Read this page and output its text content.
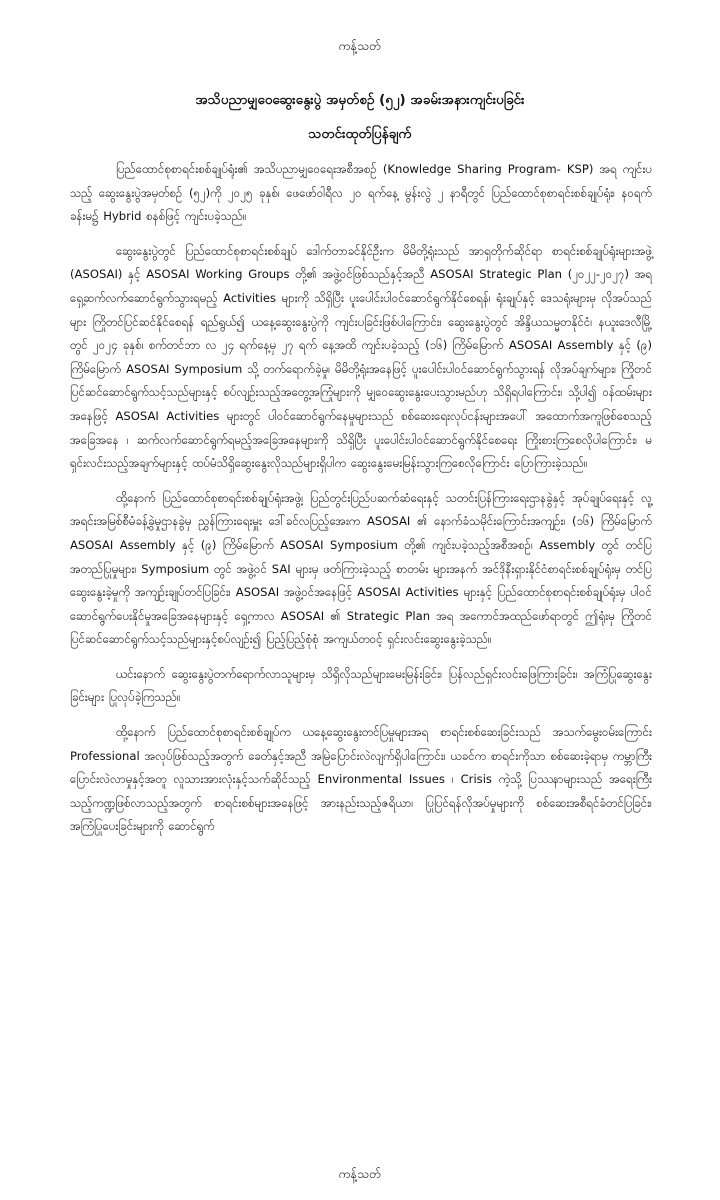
ကန့်သတ်
အသိပညာမျှဝေဆွေးနွေးပွဲ အမှတ်စဉ် (၅၂) အခမ်းအနားကျင်းပခြင်း
သတင်းထုတ်ပြန်ချက်

ပြည်ထောင်စုစာရင်းစစ်ချုပ်ရုံး၏ အသိပညာမျှဝေရေးအစီအစဉ် (Knowledge Sharing Program- KSP) အရ ကျင်းပသည့် ဆွေးနွေးပွဲအမှတ်စဉ် (၅၂)ကို ၂၀၂၅ ခုနှစ်၊ ဖေဖော်ဝါရီလ ၂၀ ရက်နေ့ မွန်းလွဲ ၂ နာရီတွင် ပြည်ထောင်စုစာရင်းစစ်ချုပ်ရုံး၊ နဝရက်ခန်းမ၌ Hybrid စနစ်ဖြင့် ကျင်းပခဲ့သည်။

ဆွေးနွေးပွဲတွင် ပြည်ထောင်စုစာရင်းစစ်ချုပ် ဒေါက်တာခင်နိုင်ဦးက မိမိတို့ရုံးသည် အာရှတိုက်ဆိုင်ရာ စာရင်းစစ်ချုပ်ရုံးများအဖွဲ့ (ASOSAI) နှင့် ASOSAI Working Groups တို့၏ အဖွဲ့ဝင်ဖြစ်သည်နှင့်အညီ ASOSAI Strategic Plan (၂၀၂၂-၂၀၂၇) အရ ရှေ့ဆက်လက်ဆောင်ရွက်သွားရမည့် Activities များကို သိရှိပြီး ပူးပေါင်းပါဝင်ဆောင်ရွက်နိုင်စေရန်၊ ရုံးချုပ်နှင့် ဒေသရုံးများမှ လိုအပ်သည်များ ကြိုတင်ပြင်ဆင်နိုင်စေရန် ရည်ရွယ်၍ ယနေ့ဆွေးနွေးပွဲကို ကျင်းပခြင်းဖြစ်ပါကြောင်း၊ ဆွေးနွေးပွဲတွင် အိန္ဒိယသမ္မတနိုင်ငံ၊ နယူးဒေလီမြို့တွင် ၂၀၂၄ ခုနှစ်၊ စက်တင်ဘာ လ ၂၄ ရက်နေ့မှ ၂၇ ရက် နေ့အထိ ကျင်းပခဲ့သည့် (၁၆) ကြိမ်မြောက် ASOSAI Assembly နှင့် (၉) ကြိမ်မြောက် ASOSAI Symposium သို့ တက်ရောက်ခဲ့မှု၊ မိမိတို့ရုံးအနေဖြင့် ပူးပေါင်းပါဝင်ဆောင်ရွက်သွားရန် လိုအပ်ချက်များ၊ ကြိုတင် ပြင်ဆင်ဆောင်ရွက်သင့်သည်များနှင့် စပ်လျဉ်းသည့်အတွေ့အကြုံများကို မျှဝေဆွေးနွေးပေးသွားမည်ဟု သိရှိရပါကြောင်း၊ သို့ပါ၍ ဝန်ထမ်းများအနေဖြင့် ASOSAI Activities များတွင် ပါဝင်ဆောင်ရွက်နေမှုများသည် စစ်ဆေးရေးလုပ်ငန်းများအပေါ် အထောက်အကူဖြစ်စေသည့်အခြေအနေ ၊ ဆက်လက်ဆောင်ရွက်ရမည့်အခြေအနေများကို သိရှိပြီး ပူးပေါင်းပါဝင်ဆောင်ရွက်နိုင်စေရေး ကြိုးစားကြစေလိုပါကြောင်း၊ မရှင်းလင်းသည့်အချက်များနှင့် ထပ်မံသိရှိဆွေးနွေးလိုသည်များရှိပါက ဆွေးနွေးမေးမြန်းသွားကြစေလိုကြောင်း ပြောကြားခဲ့သည်။

ထို့နောက် ပြည်ထောင်စုစာရင်းစစ်ချုပ်ရုံးအဖွဲ့၊ ပြည်တွင်းပြည်ပဆက်ဆံရေးနှင့် သတင်းပြန်ကြားရေးဌာနခွဲနှင့် အုပ်ချုပ်ရေးနှင့် လူ့အရင်းအမြစ်စီမံခန့်ခွဲမှုဌာနခွဲမှ ညွှန်ကြားရေးမှူး ဒေါ်ခင်လပြည့်အေးက ASOSAI ၏ နောက်ခံသမိုင်းကြောင်းအကျဉ်း၊ (၁၆) ကြိမ်မြောက် ASOSAI Assembly နှင့် (၉) ကြိမ်မြောက် ASOSAI Symposium တို့၏ ကျင်းပခဲ့သည့်အစီအစဉ်၊ Assembly တွင် တင်ပြအတည်ပြုမှုများ၊ Symposium တွင် အဖွဲ့ဝင် SAI များမှ ဖတ်ကြားခဲ့သည့် စာတမ်း များအနက် အင်ဒိုနီးရှားနိုင်ငံစာရင်းစစ်ချုပ်ရုံးမှ တင်ပြဆွေးနွေးခဲ့မှုကို အကျဉ်းချုပ်တင်ပြခြင်း၊ ASOSAI အဖွဲ့ဝင်အနေဖြင့် ASOSAI Activities များနှင့် ပြည်ထောင်စုစာရင်းစစ်ချုပ်ရုံးမှ ပါဝင်ဆောင်ရွက်ပေးနိုင်မှုအခြေအနေများနှင့် ရှေ့ကာလ ASOSAI ၏ Strategic Plan အရ အကောင်အထည်ဖော်ရာတွင် ဤရုံးမှ ကြိုတင်ပြင်ဆင်ဆောင်ရွက်သင့်သည်များနှင့်စပ်လျဉ်း၍ ပြည့်ပြည့်စုံစုံ အကျယ်တဝင့် ရှင်းလင်းဆွေးနွေးခဲ့သည်။

ယင်းနောက် ဆွေးနွေးပွဲတက်ရောက်လာသူများမှ သိရှိလိုသည်များမေးမြန်းခြင်း၊ ပြန်လည်ရှင်းလင်းဖြေကြားခြင်း၊ အကြံပြုဆွေးနွေးခြင်းများ ပြုလုပ်ခဲ့ကြသည်။

ထို့နောက် ပြည်ထောင်စုစာရင်းစစ်ချုပ်က ယနေ့ဆွေးနွေးတင်ပြမှုများအရ စာရင်းစစ်ဆေးခြင်းသည် အသက်မွေးဝမ်းကြောင်း Professional အလုပ်ဖြစ်သည့်အတွက် ခေတ်နှင့်အညီ အမြဲပြောင်းလဲလျက်ရှိပါကြောင်း၊ ယခင်က စာရင်းကိုသာ စစ်ဆေးခဲ့ရာမှ ကမ္ဘာကြီးပြောင်းလဲလာမှုနှင့်အတူ လူသားအားလုံးနှင့်သက်ဆိုင်သည့် Environmental Issues ၊ Crisis ကဲ့သို့ ပြဿနာများသည် အရေးကြီးသည့်ကဏ္ဍဖြစ်လာသည့်အတွက် စာရင်းစစ်များအနေဖြင့် အားနည်းသည့်ဇရိယာ၊ ပြုပြင်ရန်လိုအပ်မှုများကို စစ်ဆေးအစီရင်ခံတင်ပြခြင်း၊ အကြံပြုပေးခြင်းများကို ဆောင်ရွက်

ကန့်သတ်
